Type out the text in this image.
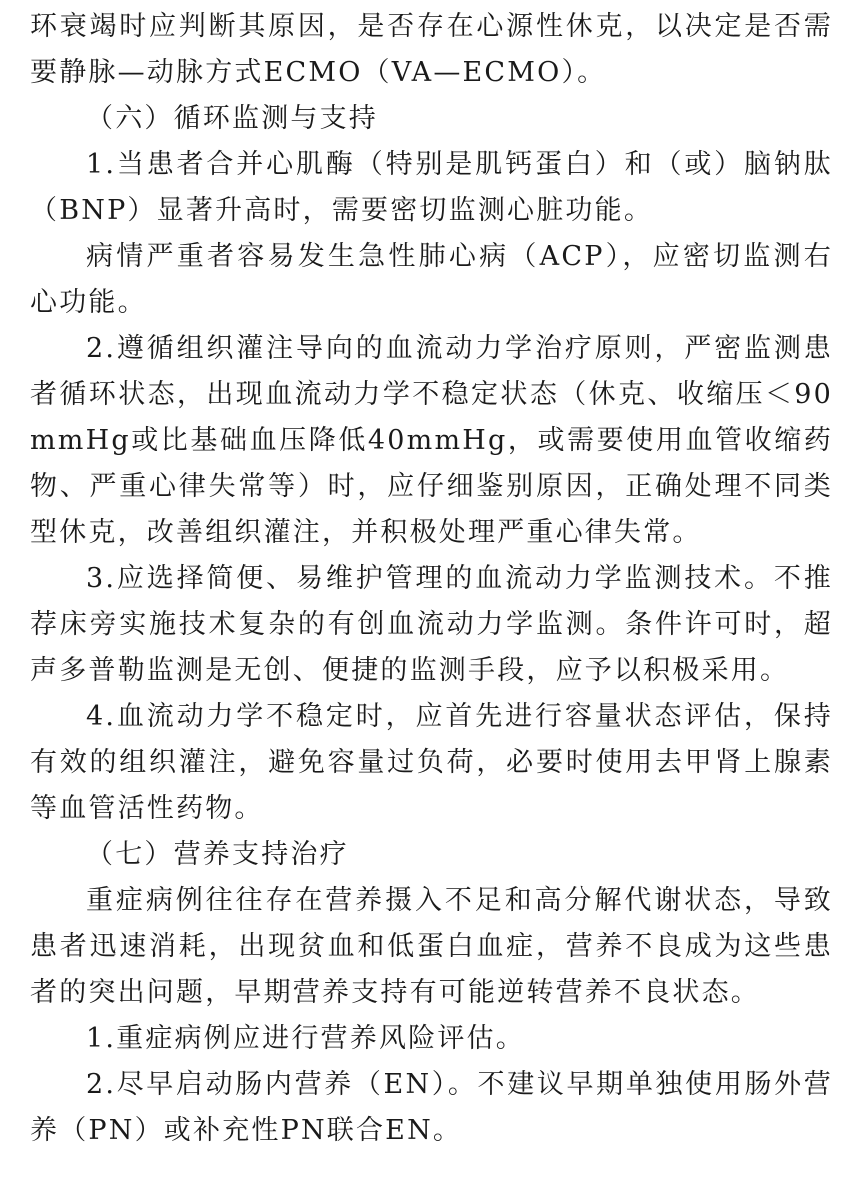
环衰竭时应判断其原因，是否存在心源性休克，以决定是否需要静脉—动脉方式ECMO（VA—ECMO）。

（六）循环监测与支持

1.当患者合并心肌酶（特别是肌钙蛋白）和（或）脑钠肽（BNP）显著升高时，需要密切监测心脏功能。

病情严重者容易发生急性肺心病（ACP），应密切监测右心功能。

2.遵循组织灌注导向的血流动力学治疗原则，严密监测患者循环状态，出现血流动力学不稳定状态（休克、收缩压＜90mmHg或比基础血压降低40mmHg，或需要使用血管收缩药物、严重心律失常等）时，应仔细鉴别原因，正确处理不同类型休克，改善组织灌注，并积极处理严重心律失常。

3.应选择简便、易维护管理的血流动力学监测技术。不推荐床旁实施技术复杂的有创血流动力学监测。条件许可时，超声多普勒监测是无创、便捷的监测手段，应予以积极采用。

4.血流动力学不稳定时，应首先进行容量状态评估，保持有效的组织灌注，避免容量过负荷，必要时使用去甲肾上腺素等血管活性药物。

（七）营养支持治疗

重症病例往往存在营养摄入不足和高分解代谢状态，导致患者迅速消耗，出现贫血和低蛋白血症，营养不良成为这些患者的突出问题，早期营养支持有可能逆转营养不良状态。

1.重症病例应进行营养风险评估。

2.尽早启动肠内营养（EN）。不建议早期单独使用肠外营养（PN）或补充性PN联合EN。
